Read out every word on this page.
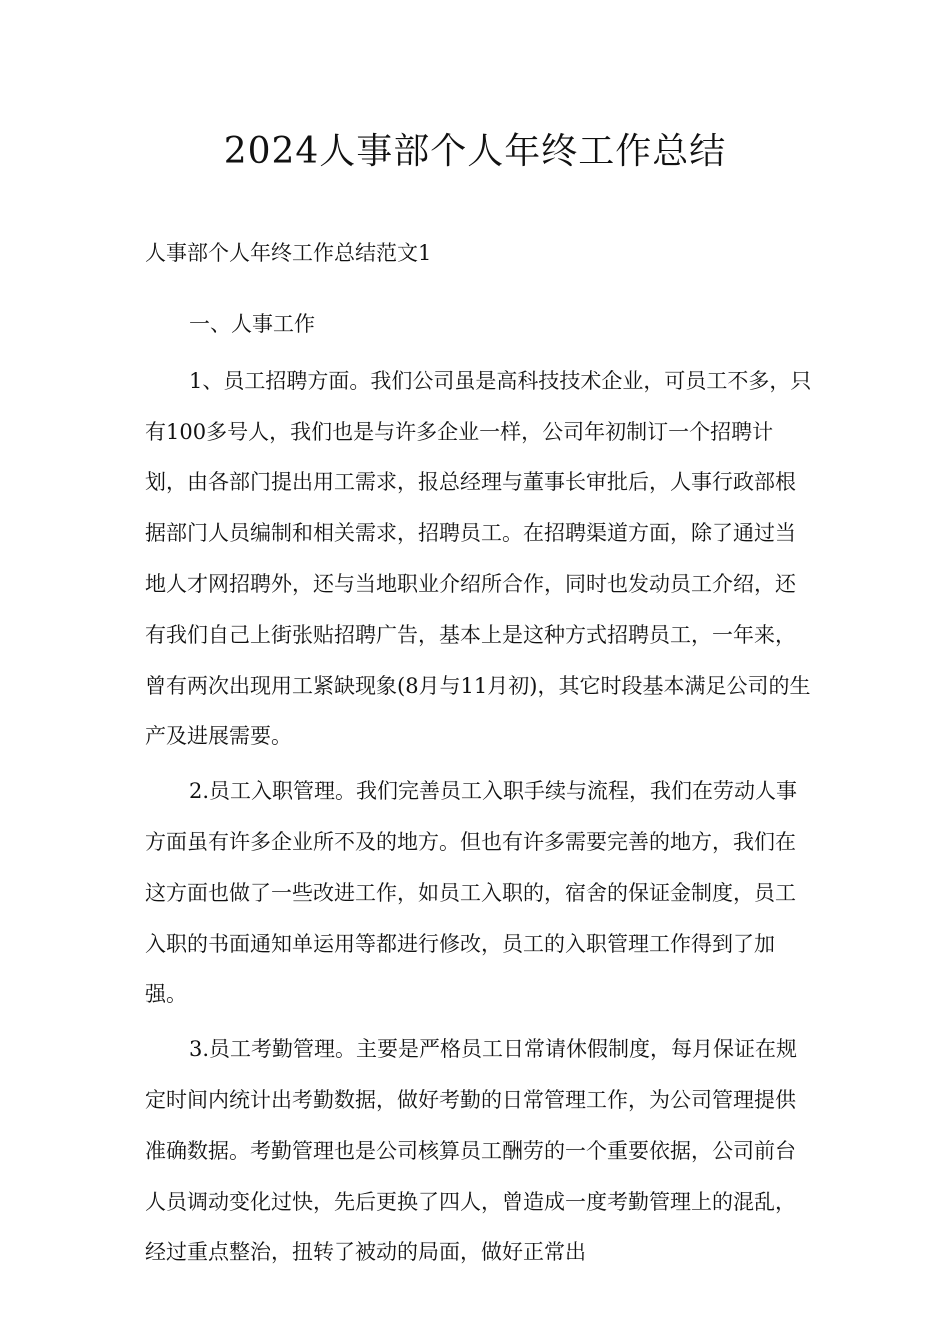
2024人事部个人年终工作总结

人事部个人年终工作总结范文1

一、人事工作

1、员工招聘方面。我们公司虽是高科技技术企业，可员工不多，只有100多号人，我们也是与许多企业一样，公司年初制订一个招聘计划，由各部门提出用工需求，报总经理与董事长审批后，人事行政部根据部门人员编制和相关需求，招聘员工。在招聘渠道方面，除了通过当地人才网招聘外，还与当地职业介绍所合作，同时也发动员工介绍，还有我们自己上街张贴招聘广告，基本上是这种方式招聘员工，一年来，曾有两次出现用工紧缺现象(8月与11月初)，其它时段基本满足公司的生产及进展需要。

2.员工入职管理。我们完善员工入职手续与流程，我们在劳动人事方面虽有许多企业所不及的地方。但也有许多需要完善的地方，我们在这方面也做了一些改进工作，如员工入职的，宿舍的保证金制度，员工入职的书面通知单运用等都进行修改，员工的入职管理工作得到了加强。

3.员工考勤管理。主要是严格员工日常请休假制度，每月保证在规定时间内统计出考勤数据，做好考勤的日常管理工作，为公司管理提供准确数据。考勤管理也是公司核算员工酬劳的一个重要依据，公司前台人员调动变化过快，先后更换了四人，曾造成一度考勤管理上的混乱，经过重点整治，扭转了被动的局面，做好正常出
